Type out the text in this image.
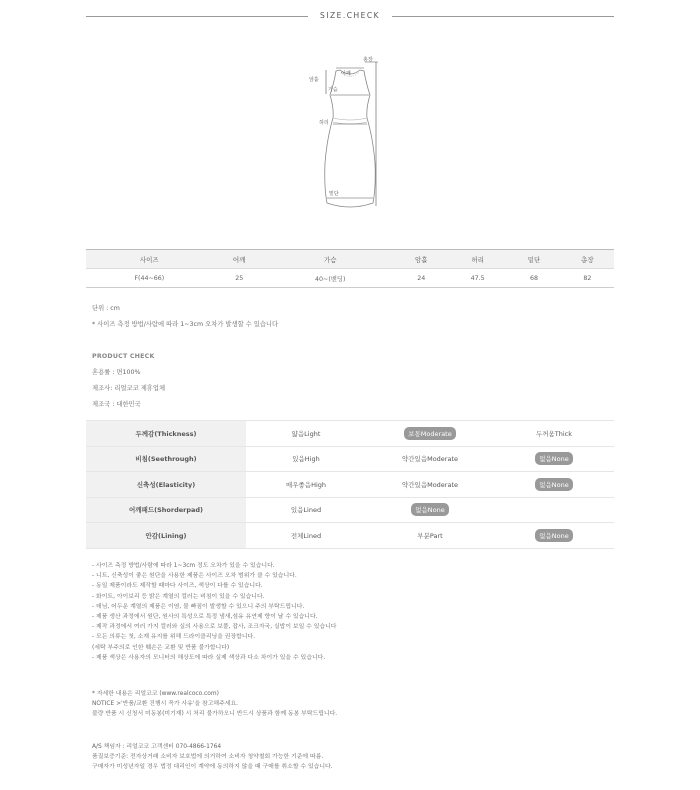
SIZE.CHECK
총장
어깨
가슴
암홀
허리
밑단
사이즈	어깨	가슴	암홀	허리	밑단	총장
F(44~66)	25	40~(밴딩)	24	47.5	68	82
단위 : cm
* 사이즈 측정 방법/사람에 따라 1~3cm 오차가 발생할 수 있습니다
PRODUCT CHECK
혼용률 : 면100%
제조사: 리얼코코 제휴업체
제조국 : 대한민국
두께감(Thickness)	얇음Light	보통Moderate	두꺼움Thick
비침(Seethrough)	있음High	약간있음Moderate	없음None
신축성(Elasticity)	매우좋음High	약간있음Moderate	없음None
어깨패드(Shorderpad)	있음Lined	없음None	
안감(Lining)	전체Lined	부분Part	없음None
- 사이즈 측정 방법/사람에 따라 1~3cm 정도 오차가 있을 수 있습니다.
- 니트, 신축성이 좋은 원단을 사용한 제품은 사이즈 오차 범위가 클 수 있습니다.
- 동일 제품이라도 제작할 때마다 사이즈, 색상이 다를 수 있습니다.
- 화이트, 아이보리 등 밝은 계열의 컬러는 비침이 있을 수 있습니다.
- 데님, 어두운 계열의 제품은 이염, 물 빠짐이 발생할 수 있으니 주의 부탁드립니다.
- 제품 생산 과정에서 원단, 원사의 특성으로 특정 냄새,섬유 유연제 향이 날 수 있습니다.
- 제작 과정에서 여러 가지 컬러와 실의 사용으로 보풀, 잡사, 조크자국, 실밥이 보일 수 있습니다
- 모든 의류는 첫, 소재 유지를 위해 드라이클리닝을 권장합니다.
(세탁 부주의로 인한 훼손은 교환 및 반품 불가합니다)
- 제품 색상은 사용자의 모니터의 해상도에 따라 실제 색상과 다소 차이가 있을 수 있습니다.
* 자세한 내용은 리얼코코 (www.realcoco.com)
NOTICE >'반품/교환 진행시 꼭가 사유'을 참고해주세요.
불량 반품 시 신청서 미동봉(미기재) 시 처리 불가하오니 반드시 상품과 함께 동봉 부탁드립니다.
A/S 책임자 : 리얼코코 고객센터 070-4866-1764
품질보증기준: 전자상거래 소비자 보호법에 의거하여 소비자 청약철회 가능한 기준에 따름.
구매자가 미성년자일 경우 법정 대리인이 계약에 동의하지 않을 때 구매를 취소할 수 있습니다.
